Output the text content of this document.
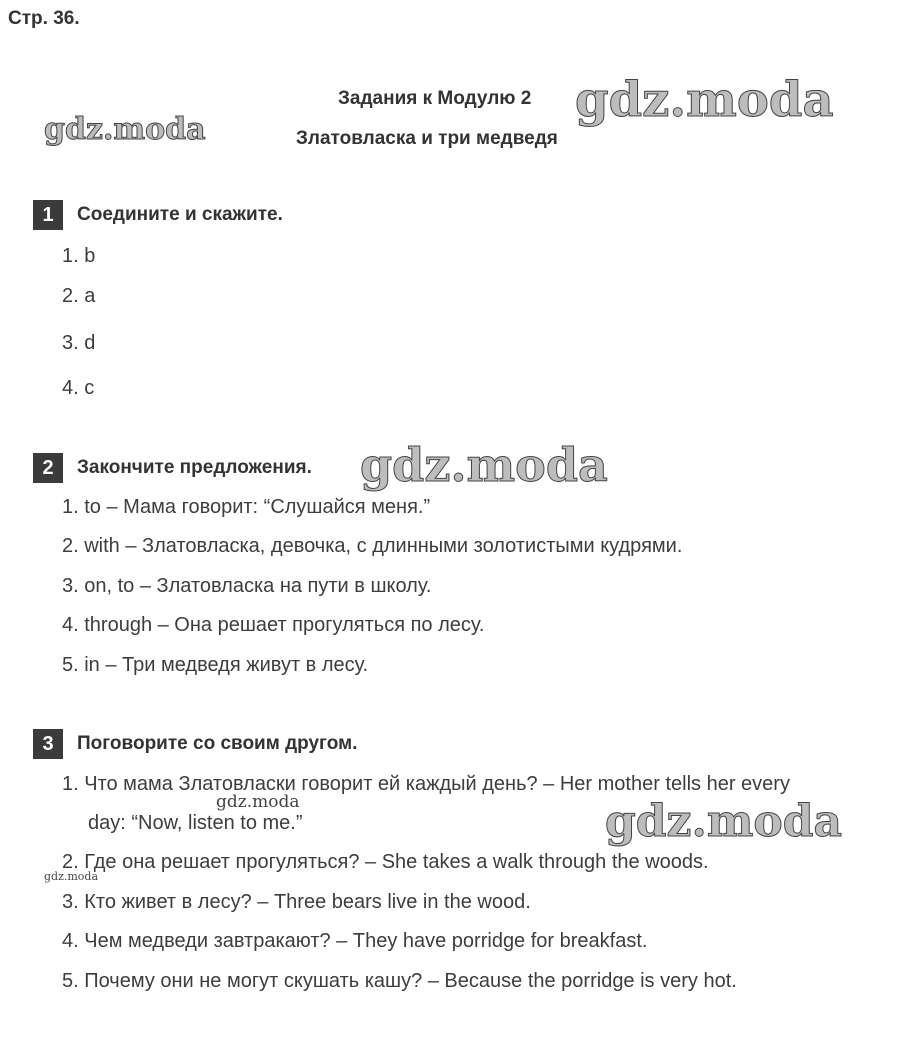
Стр. 36.
Задания к Модулю 2
Златовласка и три медведя
gdz.moda
gdz.moda
gdz.moda
gdz.moda
gdz.moda
gdz.moda
1	Соедините и скажите.
1. b
2. a
3. d
4. c
2	Закончите предложения.
1. to – Мама говорит: “Слушайся меня.”
2. with – Златовласка, девочка, с длинными золотистыми кудрями.
3. on, to – Златовласка на пути в школу.
4. through – Она решает прогуляться по лесу.
5. in – Три медведя живут в лесу.
3	Поговорите со своим другом.
1. Что мама Златовласки говорит ей каждый день? – Her mother tells her every
day: “Now, listen to me.”
2. Где она решает прогуляться? – She takes a walk through the woods.
3. Кто живет в лесу? – Three bears live in the wood.
4. Чем медведи завтракают? – They have porridge for breakfast.
5. Почему они не могут скушать кашу? – Because the porridge is very hot.
